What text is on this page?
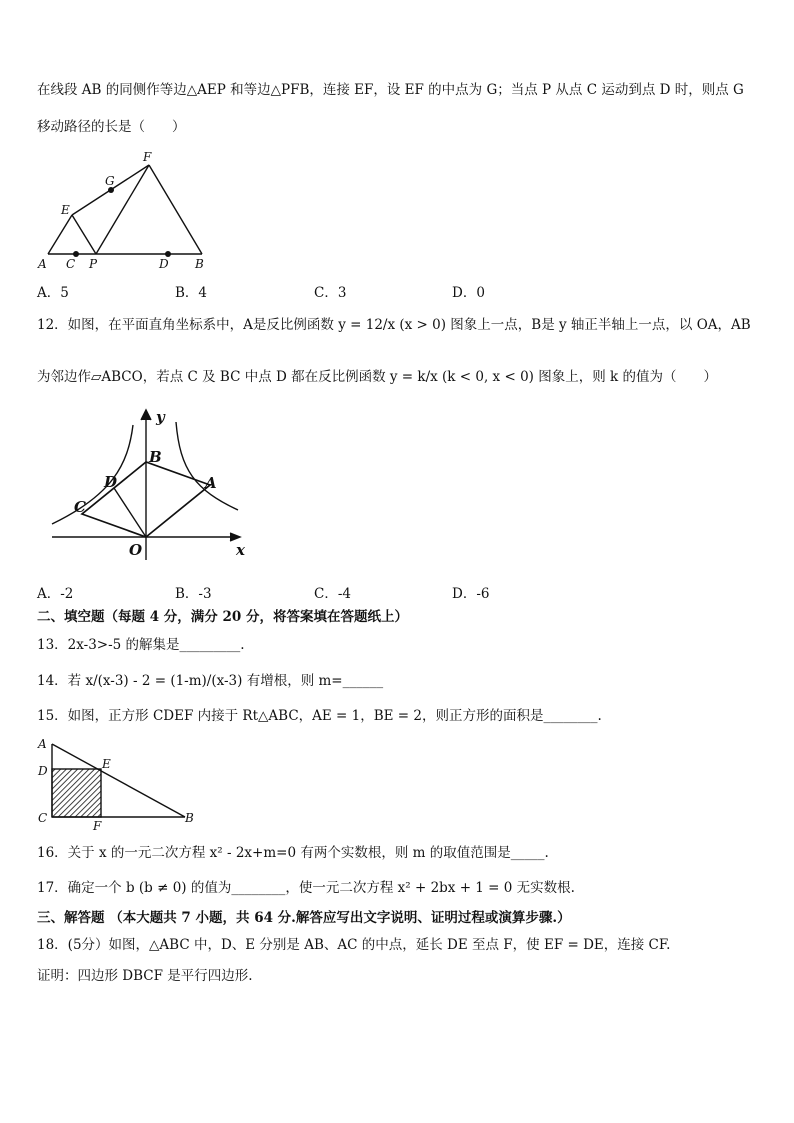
在线段 AB 的同侧作等边△AEP 和等边△PFB，连接 EF，设 EF 的中点为 G；当点 P 从点 C 运动到点 D 时，则点 G
移动路径的长是（　　）
A C P	D B
E
G
F
A．5	B．4	C．3	D．0
12．如图，在平面直角坐标系中，A是反比例函数 y = 12/x (x > 0) 图象上一点，B是 y 轴正半轴上一点，以 OA，AB
为邻边作▱ABCO，若点 C 及 BC 中点 D 都在反比例函数 y = k/x (k < 0, x < 0) 图象上，则 k 的值为（　　）
y
x
B
D	A
C
O
A．-2	B．-3	C．-4	D．-6
二、填空题（每题 4 分，满分 20 分，将答案填在答题纸上）
13．2x-3>-5 的解集是_________.
14．若 x/(x-3) - 2 = (1-m)/(x-3) 有增根，则 m=______
15．如图，正方形 CDEF 内接于 Rt△ABC，AE = 1，BE = 2，则正方形的面积是________.
A
D	E
C
F
B
16．关于 x 的一元二次方程 x² - 2x+m=0 有两个实数根，则 m 的取值范围是_____.
17．确定一个 b (b ≠ 0) 的值为________，使一元二次方程 x² + 2bx + 1 = 0 无实数根.
三、解答题 （本大题共 7 小题，共 64 分.解答应写出文字说明、证明过程或演算步骤.）
18．(5分）如图，△ABC 中，D、E 分别是 AB、AC 的中点，延长 DE 至点 F，使 EF = DE，连接 CF.
证明：四边形 DBCF 是平行四边形.
